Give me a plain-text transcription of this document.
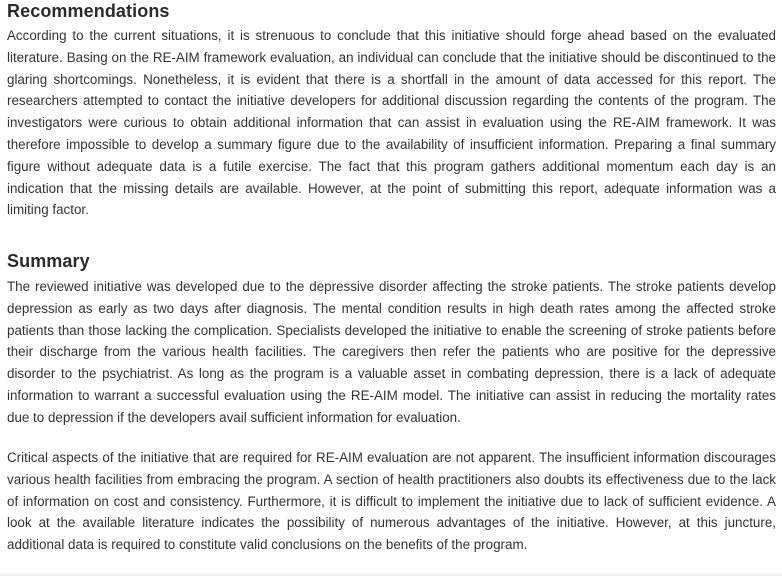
Recommendations

According to the current situations, it is strenuous to conclude that this initiative should forge ahead based on the evaluated literature. Basing on the RE-AIM framework evaluation, an individual can conclude that the initiative should be discontinued to the glaring shortcomings. Nonetheless, it is evident that there is a shortfall in the amount of data accessed for this report. The researchers attempted to contact the initiative developers for additional discussion regarding the contents of the program. The investigators were curious to obtain additional information that can assist in evaluation using the RE-AIM framework. It was therefore impossible to develop a summary figure due to the availability of insufficient information. Preparing a final summary figure without adequate data is a futile exercise. The fact that this program gathers additional momentum each day is an indication that the missing details are available. However, at the point of submitting this report, adequate information was a limiting factor.

Summary

The reviewed initiative was developed due to the depressive disorder affecting the stroke patients. The stroke patients develop depression as early as two days after diagnosis. The mental condition results in high death rates among the affected stroke patients than those lacking the complication. Specialists developed the initiative to enable the screening of stroke patients before their discharge from the various health facilities. The caregivers then refer the patients who are positive for the depressive disorder to the psychiatrist. As long as the program is a valuable asset in combating depression, there is a lack of adequate information to warrant a successful evaluation using the RE-AIM model. The initiative can assist in reducing the mortality rates due to depression if the developers avail sufficient information for evaluation.

Critical aspects of the initiative that are required for RE-AIM evaluation are not apparent. The insufficient information discourages various health facilities from embracing the program. A section of health practitioners also doubts its effectiveness due to the lack of information on cost and consistency. Furthermore, it is difficult to implement the initiative due to lack of sufficient evidence. A look at the available literature indicates the possibility of numerous advantages of the initiative. However, at this juncture, additional data is required to constitute valid conclusions on the benefits of the program.
